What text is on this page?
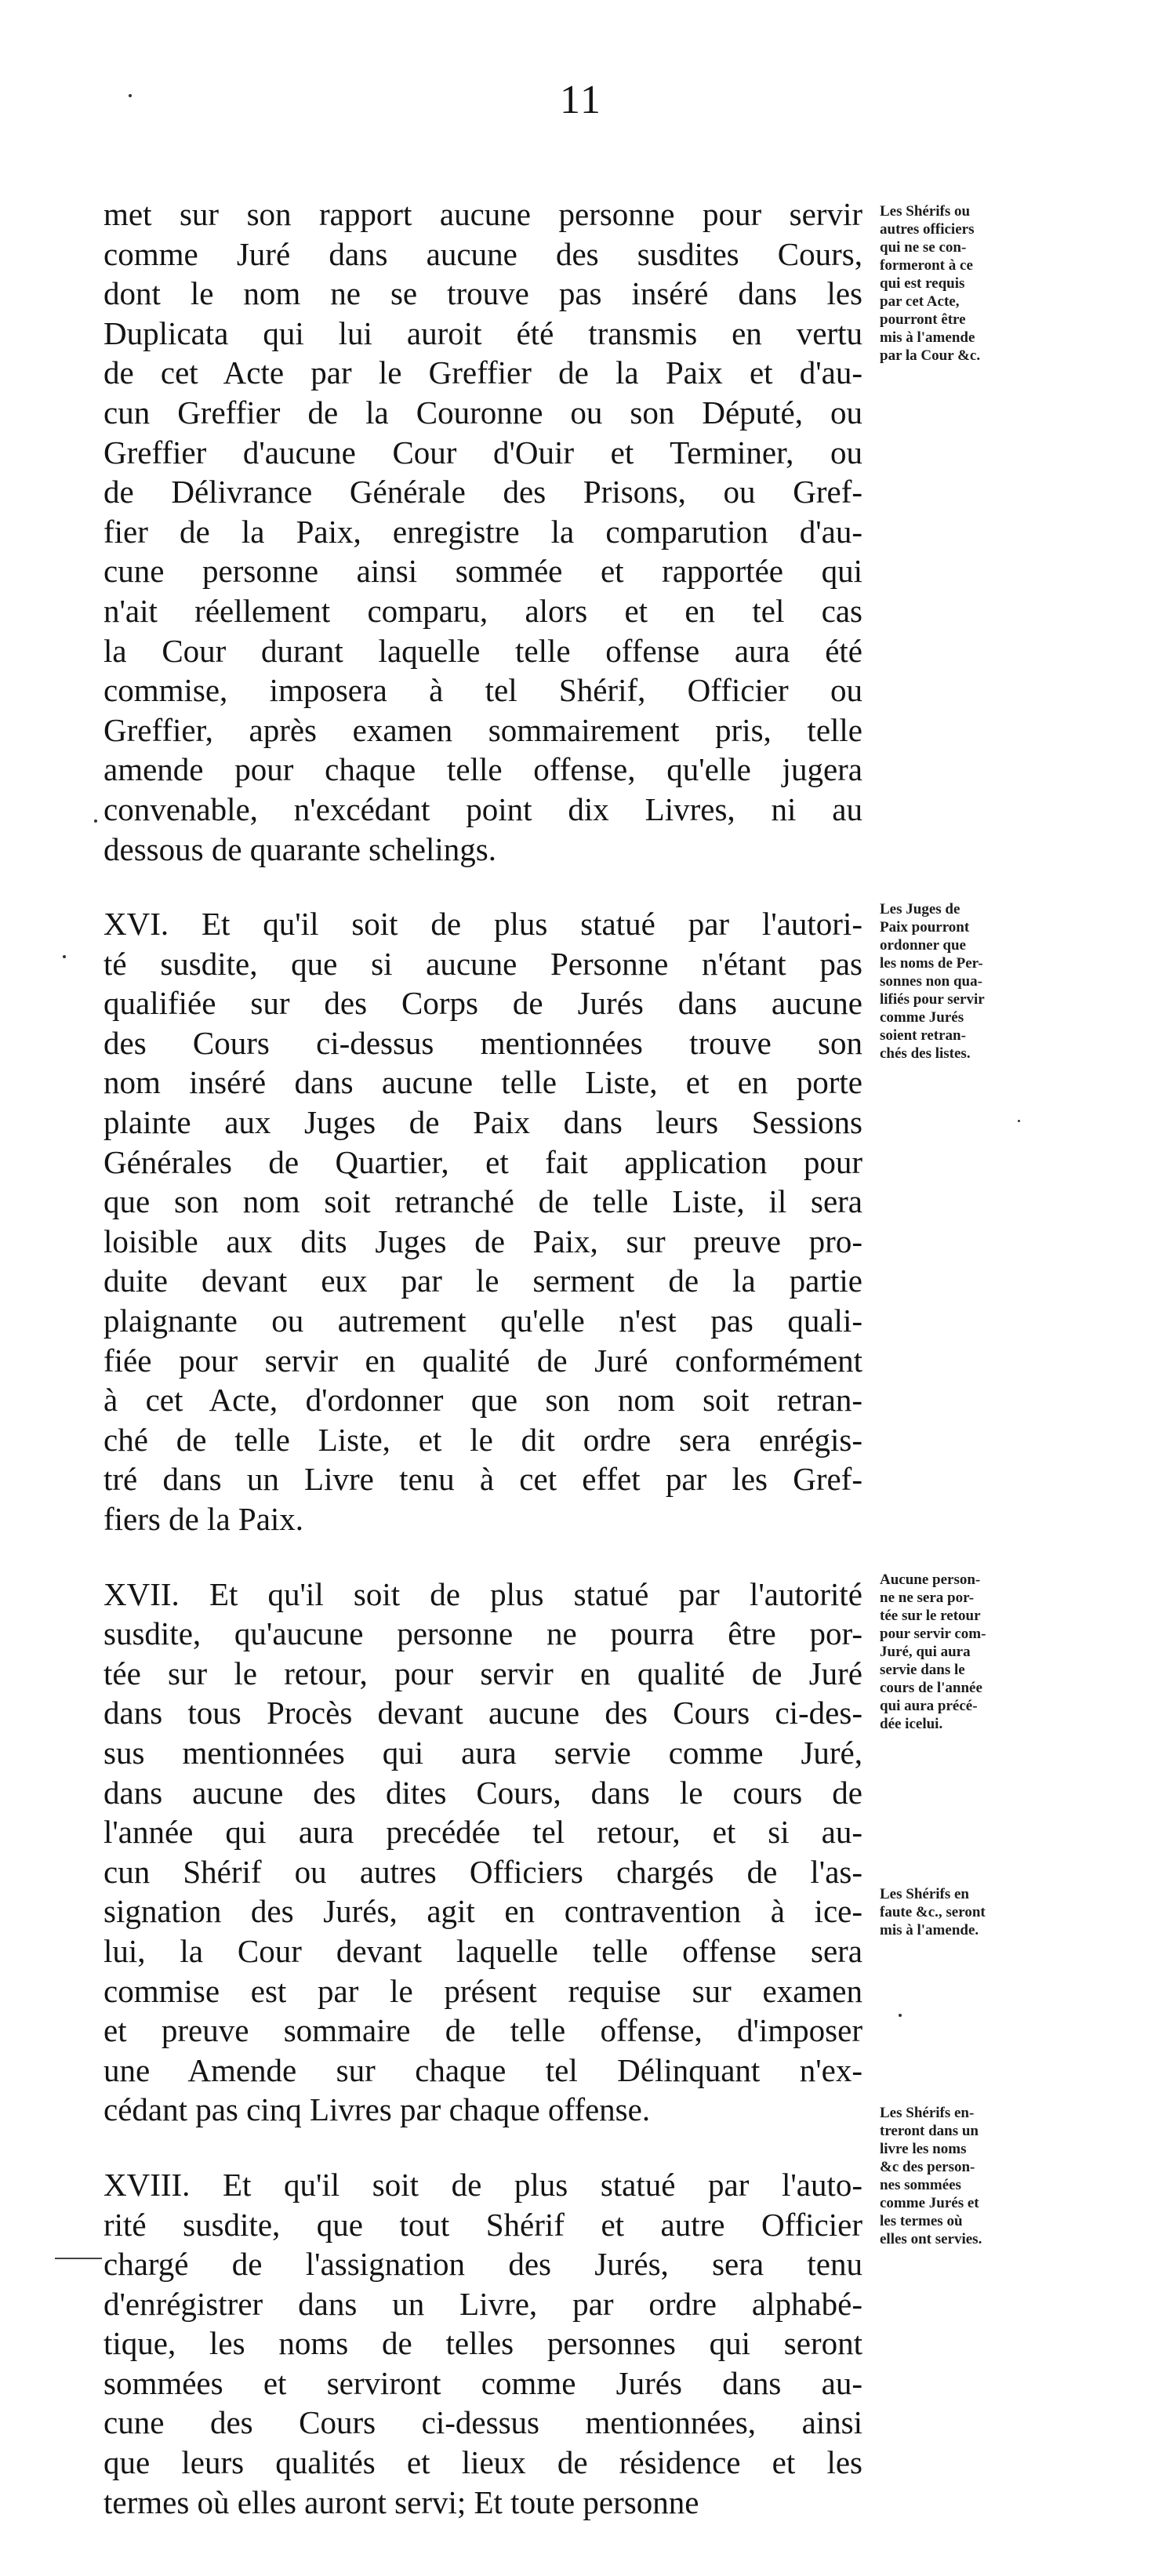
11
met sur son rapport aucune personne pour servir
comme Juré dans aucune des susdites Cours,
dont le nom ne se trouve pas inséré dans les
Duplicata qui lui auroit été transmis en vertu
de cet Acte par le Greffier de la Paix et d'au-
cun Greffier de la Couronne ou son Député, ou
Greffier d'aucune Cour d'Ouir et Terminer, ou
de Délivrance Générale des Prisons, ou Gref-
fier de la Paix, enregistre la comparution d'au-
cune personne ainsi sommée et rapportée qui
n'ait réellement comparu, alors et en tel cas
la Cour durant laquelle telle offense aura été
commise, imposera à tel Shérif, Officier ou
Greffier, après examen sommairement pris, telle
amende pour chaque telle offense, qu'elle jugera
convenable, n'excédant point dix Livres, ni au
dessous de quarante schelings.
XVI. Et qu'il soit de plus statué par l'autori-
té susdite, que si aucune Personne n'étant pas
qualifiée sur des Corps de Jurés dans aucune
des Cours ci-dessus mentionnées trouve son
nom inséré dans aucune telle Liste, et en porte
plainte aux Juges de Paix dans leurs Sessions
Générales de Quartier, et fait application pour
que son nom soit retranché de telle Liste, il sera
loisible aux dits Juges de Paix, sur preuve pro-
duite devant eux par le serment de la partie
plaignante ou autrement qu'elle n'est pas quali-
fiée pour servir en qualité de Juré conformément
à cet Acte, d'ordonner que son nom soit retran-
ché de telle Liste, et le dit ordre sera enrégis-
tré dans un Livre tenu à cet effet par les Gref-
fiers de la Paix.
XVII. Et qu'il soit de plus statué par l'autorité
susdite, qu'aucune personne ne pourra être por-
tée sur le retour, pour servir en qualité de Juré
dans tous Procès devant aucune des Cours ci-des-
sus mentionnées qui aura servie comme Juré,
dans aucune des dites Cours, dans le cours de
l'année qui aura precédée tel retour, et si au-
cun Shérif ou autres Officiers chargés de l'as-
signation des Jurés, agit en contravention à ice-
lui, la Cour devant laquelle telle offense sera
commise est par le présent requise sur examen
et preuve sommaire de telle offense, d'imposer
une Amende sur chaque tel Délinquant n'ex-
cédant pas cinq Livres par chaque offense.
XVIII. Et qu'il soit de plus statué par l'auto-
rité susdite, que tout Shérif et autre Officier
chargé de l'assignation des Jurés, sera tenu
d'enrégistrer dans un Livre, par ordre alphabé-
tique, les noms de telles personnes qui seront
sommées et serviront comme Jurés dans au-
cune des Cours ci-dessus mentionnées, ainsi
que leurs qualités et lieux de résidence et les
termes où elles auront servi; Et toute personne
Les Shérifs ou
autres officiers
qui ne se con-
formeront à ce
qui est requis
par cet Acte,
pourront être
mis à l'amende
par la Cour &c.
Les Juges de
Paix pourront
ordonner que
les noms de Per-
sonnes non qua-
lifiés pour servir
comme Jurés
soient retran-
chés des listes.
Aucune person-
ne ne sera por-
tée sur le retour
pour servir com-
Juré, qui aura
servie dans le
cours de l'année
qui aura précé-
dée icelui.
Les Shérifs en
faute &c., seront
mis à l'amende.
Les Shérifs en-
treront dans un
livre les noms
&c des person-
nes sommées
comme Jurés et
les termes où
elles ont servies.
